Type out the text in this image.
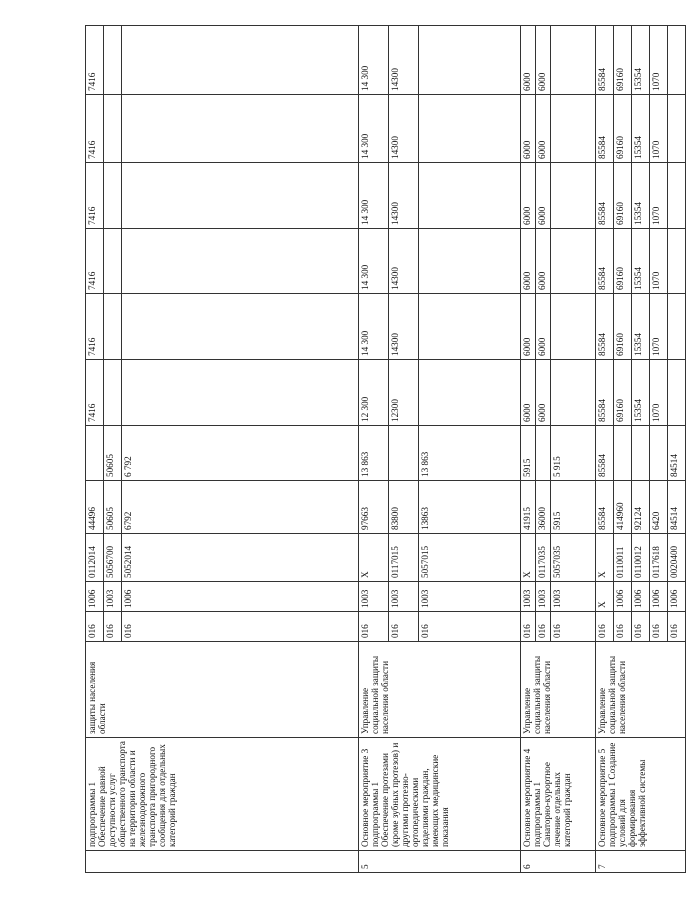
	подпрограммы 1 Обеспечение равной доступности услуг общественного транспорта на территории области и железнодорожного транспорта пригородного сообщения для отдельных категорий граждан	защиты населения области	016	1006	0112014	44496		7416	7416	7416	7416	7416	7416
			016	1003	5056700	50605	50605						
			016	1006	5052014	6792	6 792						
5	Основное мероприятие 3 подпрограммы 1 Обеспечение протезами (кроме зубных протезов) и другими протезно-ортопедическими изделиями граждан, имеющих медицинские показания	Управление социальной защиты населения области	016	1003	Х	97663	13 863	12 300	14 300	14 300	14 300	14 300	14 300
			016	1003	0117015	83800		12300	14300	14300	14300	14300	14300
			016	1003	5057015	13863	13 863						
6	Основное мероприятие 4 подпрограммы 1 Санаторно-курортное лечение отдельных категорий граждан	Управление социальной защиты населения области	016	1003	Х	41915	5915	6000	6000	6000	6000	6000	6000
			016	1003	0117035	36000		6000	6000	6000	6000	6000	6000
			016	1003	5057035	5915	5 915						
7	Основное мероприятие 5 подпрограммы 1 Создание условий для формирования эффективной системы	Управление социальной защиты населения области	016	Х	Х	85584	85584	85584	85584	85584	85584	85584	85584
			016	1006	0110011	414960		69160	69160	69160	69160	69160	69160
			016	1006	0110012	92124		15354	15354	15354	15354	15354	15354
			016	1006	0117618	6420		1070	1070	1070	1070	1070	1070
			016	1006	0020400	84514	84514						
